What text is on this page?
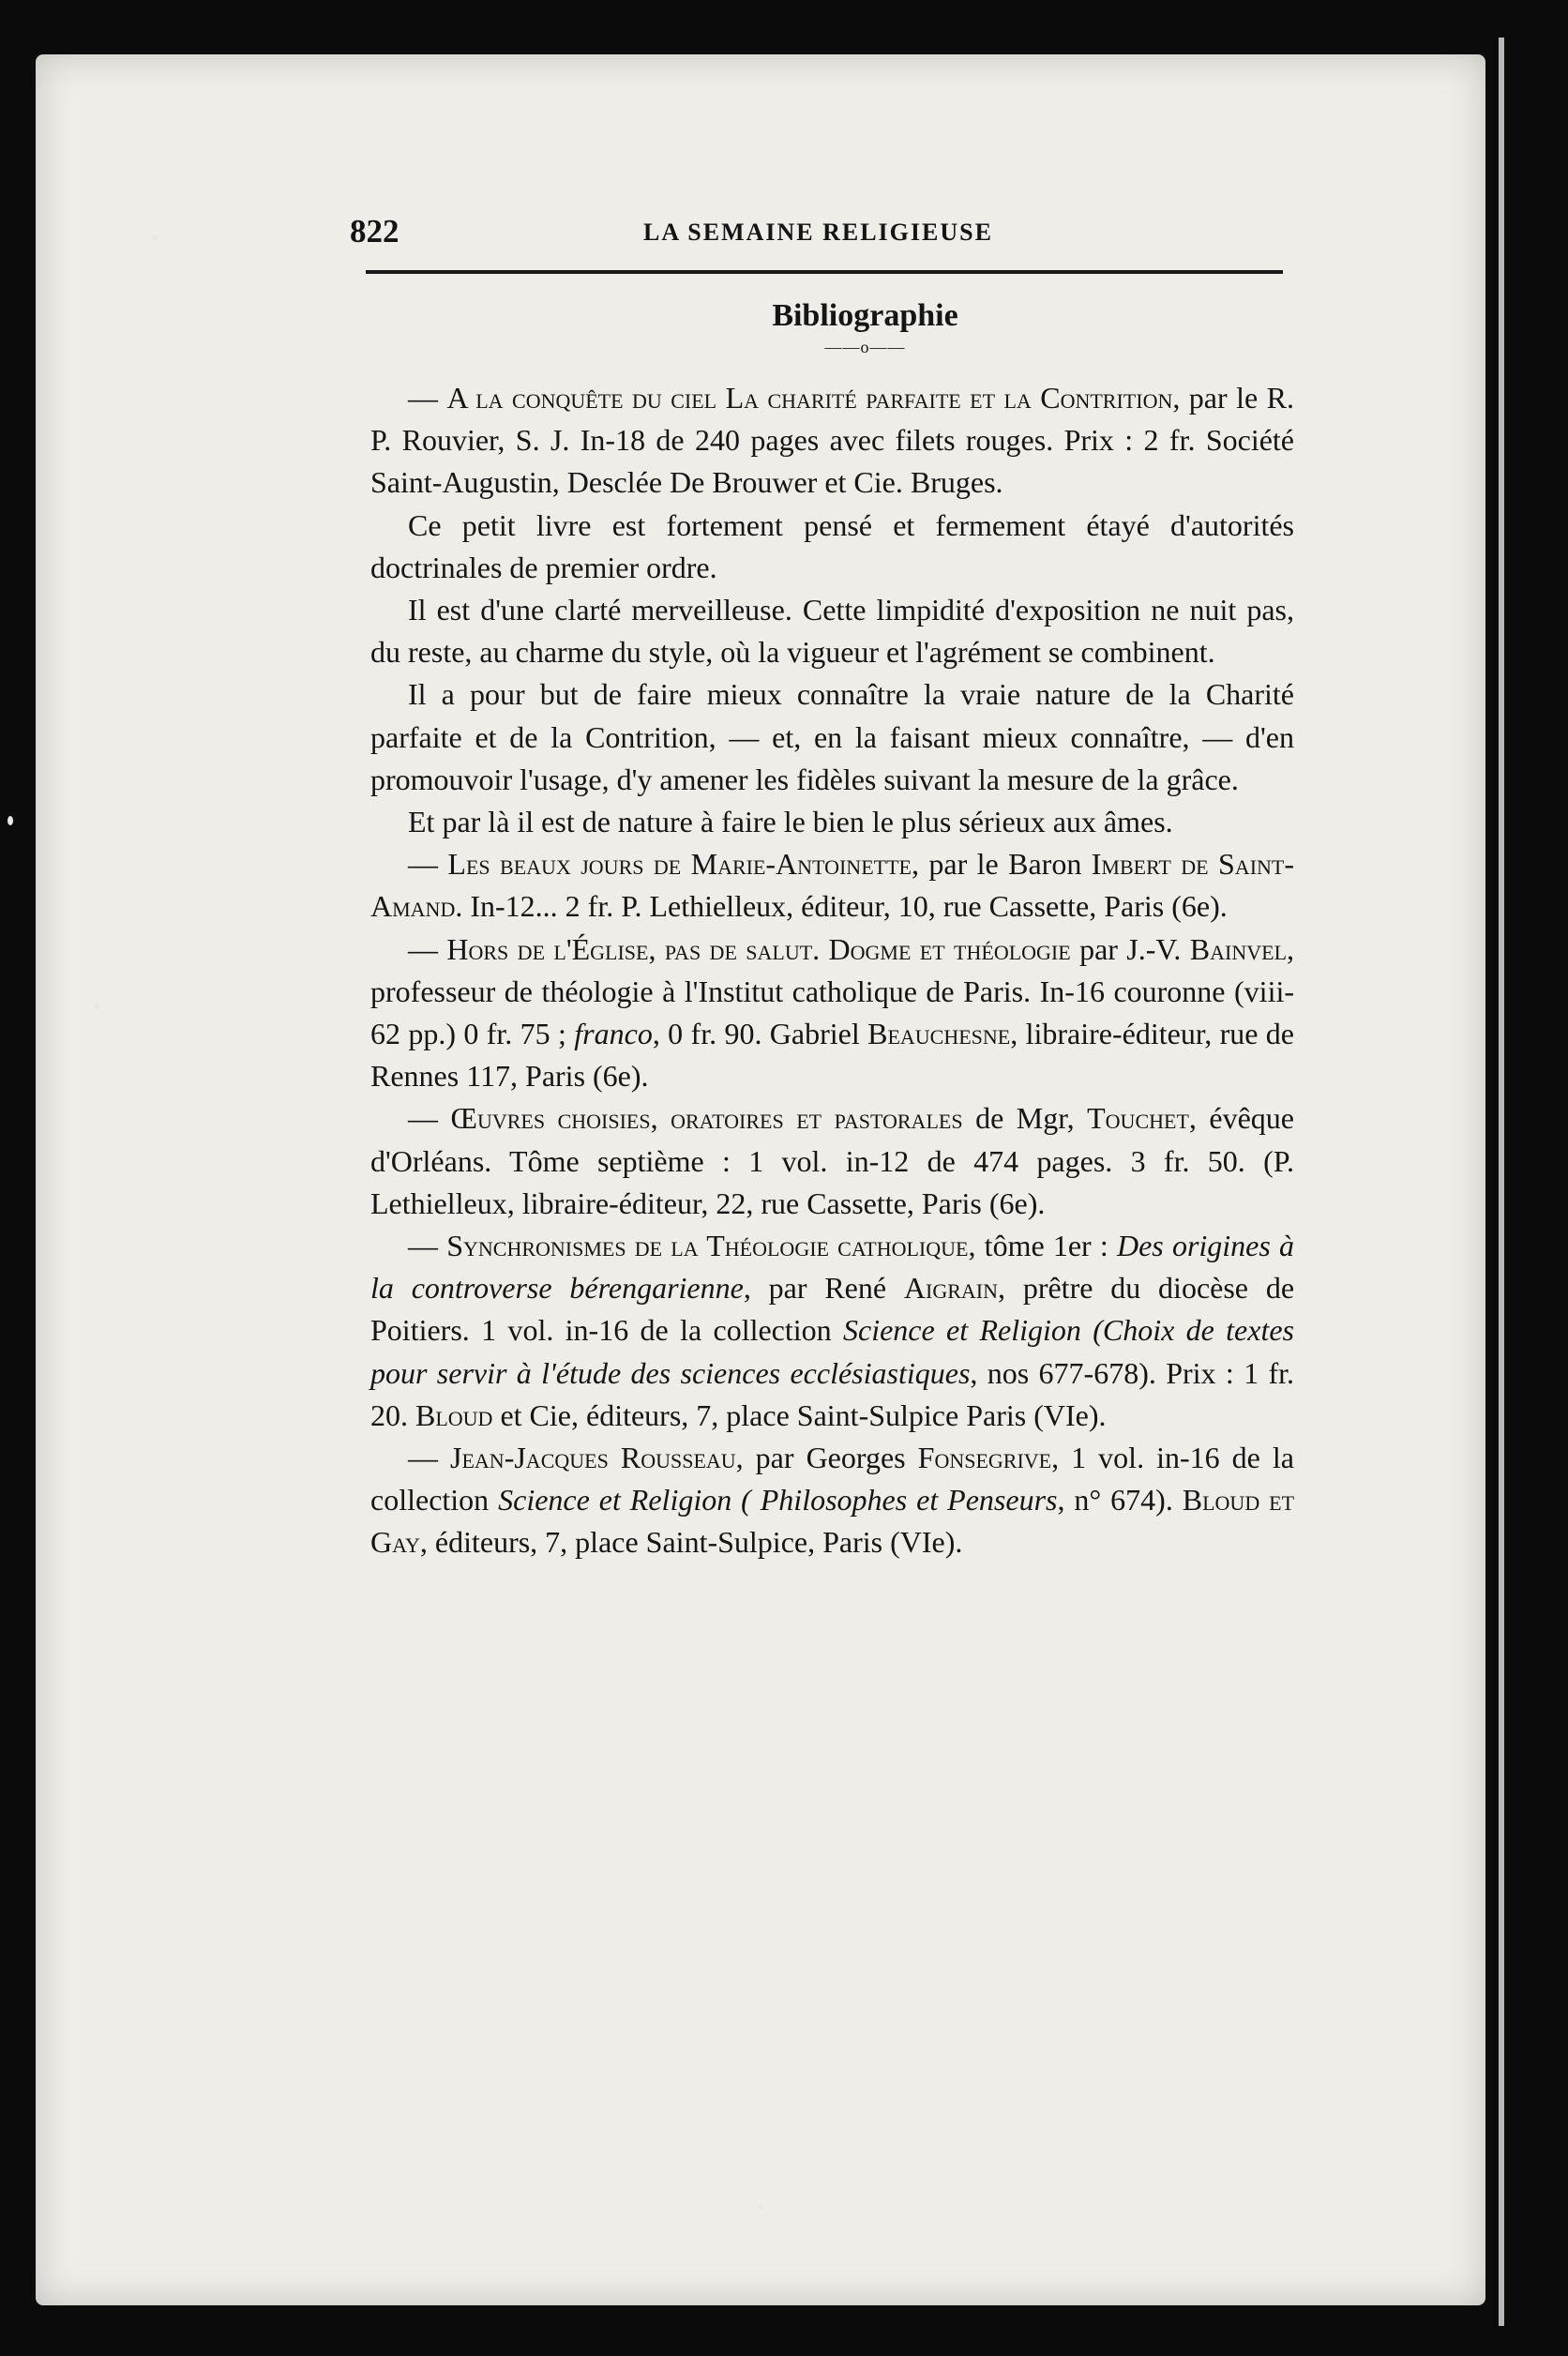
822	LA SEMAINE RELIGIEUSE

Bibliographie

——o——

— A la conquête du ciel La charité parfaite et la Contrition, par le R. P. Rouvier, S. J. In-18 de 240 pages avec filets rouges. Prix : 2 fr. Société Saint-Augustin, Desclée De Brouwer et Cie. Bruges.

Ce petit livre est fortement pensé et fermement étayé d'autorités doctrinales de premier ordre.

Il est d'une clarté merveilleuse. Cette limpidité d'exposition ne nuit pas, du reste, au charme du style, où la vigueur et l'agrément se combinent.

Il a pour but de faire mieux connaître la vraie nature de la Charité parfaite et de la Contrition, — et, en la faisant mieux connaître, — d'en promouvoir l'usage, d'y amener les fidèles suivant la mesure de la grâce.

Et par là il est de nature à faire le bien le plus sérieux aux âmes.

— Les beaux jours de Marie-Antoinette, par le Baron Imbert de Saint-Amand. In-12... 2 fr. P. Lethielleux, éditeur, 10, rue Cassette, Paris (6e).

— Hors de l'Église, pas de salut. Dogme et théologie par J.-V. Bainvel, professeur de théologie à l'Institut catholique de Paris. In-16 couronne (viii-62 pp.) 0 fr. 75 ; franco, 0 fr. 90. Gabriel Beauchesne, libraire-éditeur, rue de Rennes 117, Paris (6e).

— Œuvres choisies, oratoires et pastorales de Mgr, Touchet, évêque d'Orléans. Tôme septième : 1 vol. in-12 de 474 pages. 3 fr. 50. (P. Lethielleux, libraire-éditeur, 22, rue Cassette, Paris (6e).

— Synchronismes de la Théologie catholique, tôme 1er : Des origines à la controverse bérengarienne, par René Aigrain, prêtre du diocèse de Poitiers. 1 vol. in-16 de la collection Science et Religion (Choix de textes pour servir à l'étude des sciences ecclésiastiques, nos 677-678). Prix : 1 fr. 20. Bloud et Cie, éditeurs, 7, place Saint-Sulpice Paris (VIe).

— Jean-Jacques Rousseau, par Georges Fonsegrive, 1 vol. in-16 de la collection Science et Religion ( Philosophes et Penseurs, n° 674). Bloud et Gay, éditeurs, 7, place Saint-Sulpice, Paris (VIe).
